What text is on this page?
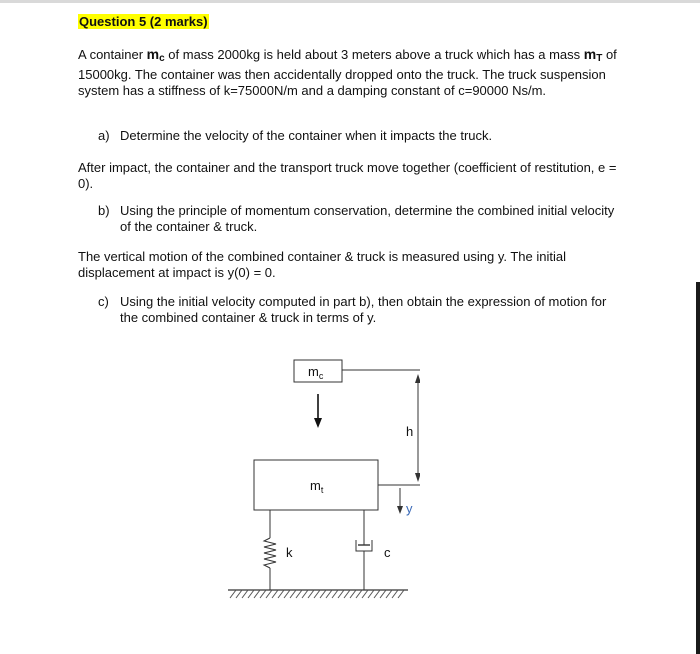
Question 5 (2 marks)

A container mc of mass 2000kg is held about 3 meters above a truck which has a mass mT of 15000kg. The container was then accidentally dropped onto the truck. The truck suspension system has a stiffness of k=75000N/m and a damping constant of c=90000 Ns/m.

a) Determine the velocity of the container when it impacts the truck.

After impact, the container and the transport truck move together (coefficient of restitution, e = 0).

b) Using the principle of momentum conservation, determine the combined initial velocity of the container & truck.

The vertical motion of the combined container & truck is measured using y. The initial displacement at impact is y(0) = 0.

c) Using the initial velocity computed in part b), then obtain the expression of motion for the combined container & truck in terms of y.
$m_c$
$m_t$
h
y
k	c
